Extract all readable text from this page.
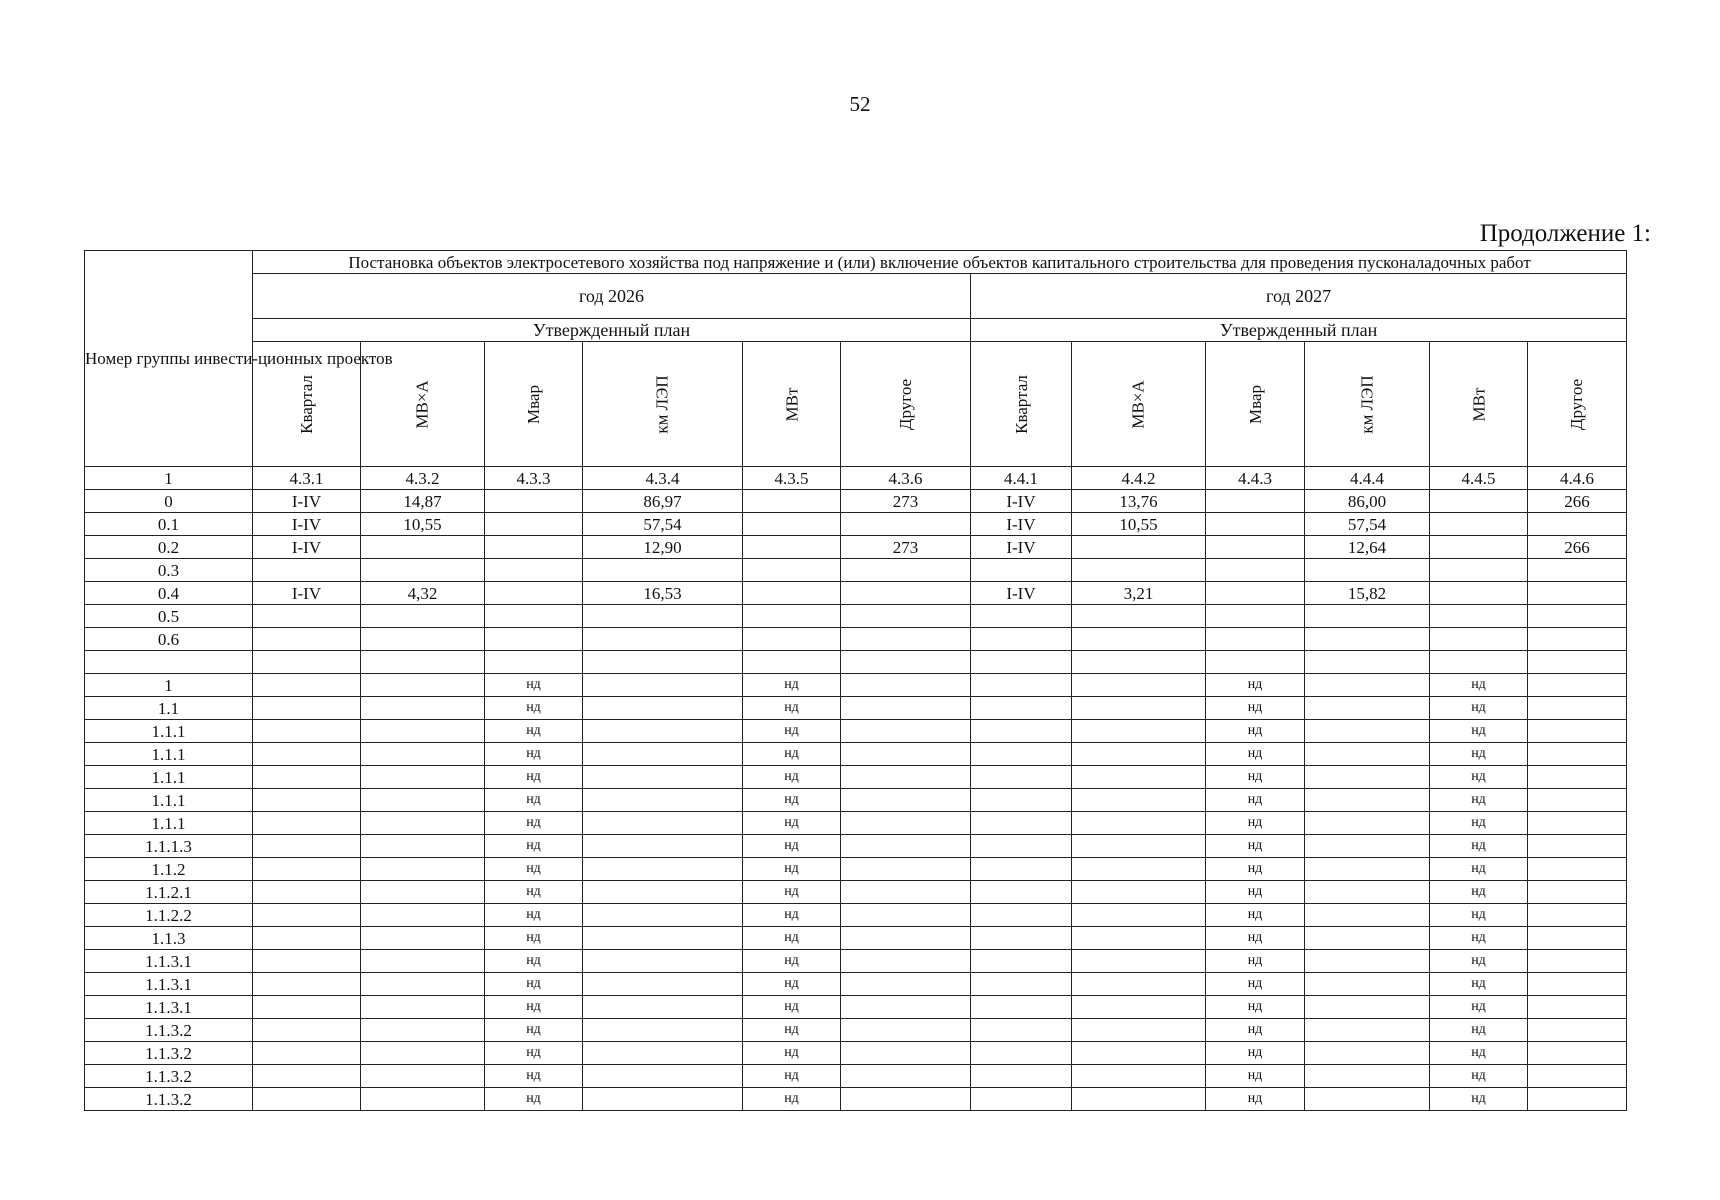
52
Продолжение 1:
Номер группы инвести-ционных проектов	Постановка объектов электросетевого хозяйства под напряжение и (или) включение объектов капитального строительства для проведения пусконаладочных работ											
	год 2026						год 2027					
	Утвержденный план						Утвержденный план					
	Квартал	МВ×А	Мвар	км ЛЭП	МВт	Другое	Квартал	МВ×А	Мвар	км ЛЭП	МВт	Другое
1	4.3.1	4.3.2	4.3.3	4.3.4	4.3.5	4.3.6	4.4.1	4.4.2	4.4.3	4.4.4	4.4.5	4.4.6
0	I-IV	14,87		86,97		273	I-IV	13,76		86,00		266
0.1	I-IV	10,55		57,54			I-IV	10,55		57,54		
0.2	I-IV			12,90		273	I-IV			12,64		266
0.3												
0.4	I-IV	4,32		16,53			I-IV	3,21		15,82		
0.5												
0.6												

1			нд		нд				нд		нд	
1.1			нд		нд				нд		нд	
1.1.1			нд		нд				нд		нд	
1.1.1			нд		нд				нд		нд	
1.1.1			нд		нд				нд		нд	
1.1.1			нд		нд				нд		нд	
1.1.1			нд		нд				нд		нд	
1.1.1.3			нд		нд				нд		нд	
1.1.2			нд		нд				нд		нд	
1.1.2.1			нд		нд				нд		нд	
1.1.2.2			нд		нд				нд		нд	
1.1.3			нд		нд				нд		нд	
1.1.3.1			нд		нд				нд		нд	
1.1.3.1			нд		нд				нд		нд	
1.1.3.1			нд		нд				нд		нд	
1.1.3.2			нд		нд				нд		нд	
1.1.3.2			нд		нд				нд		нд	
1.1.3.2			нд		нд				нд		нд	
1.1.3.2			нд		нд				нд		нд	
